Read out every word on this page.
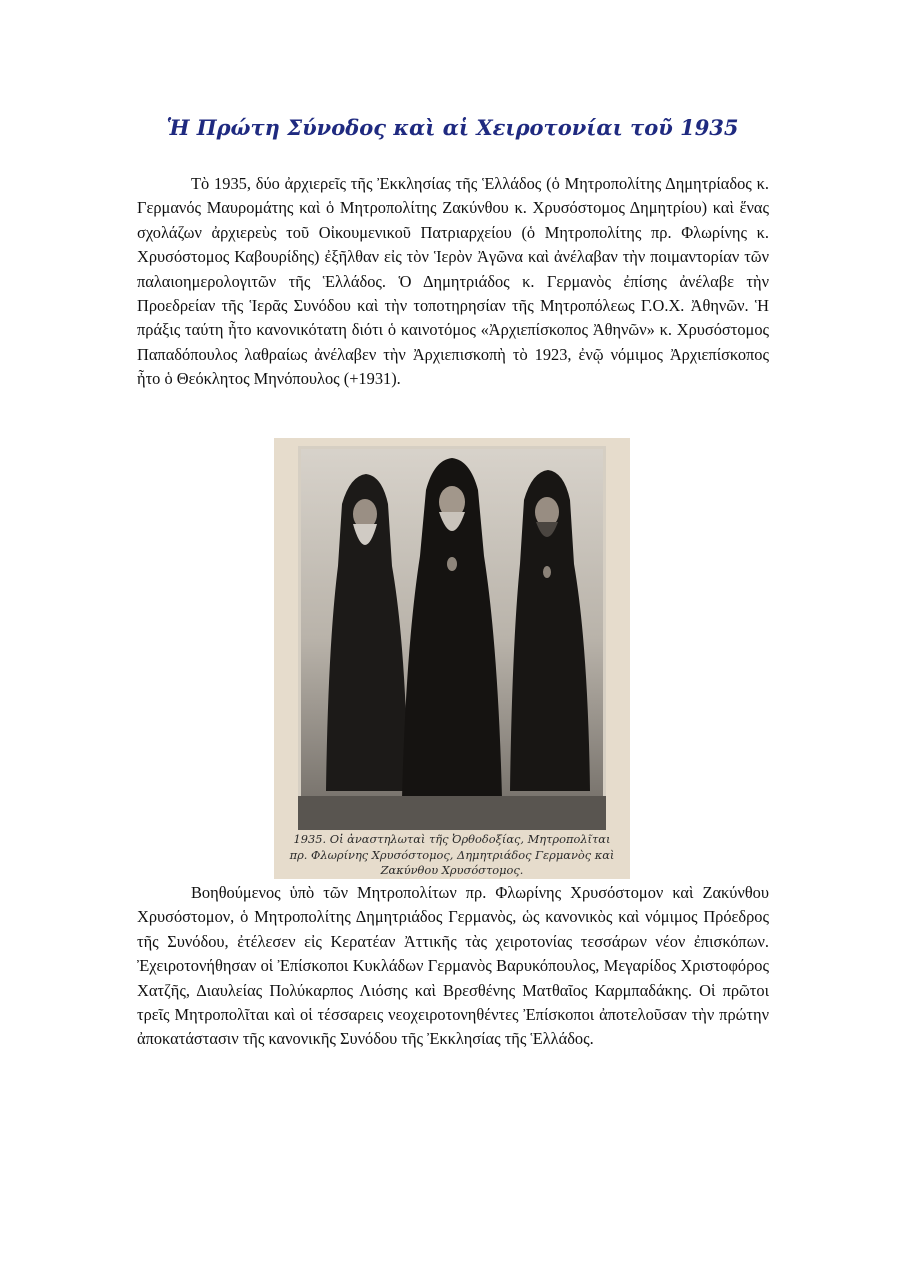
Ἡ Πρώτη Σύνοδος καὶ αἱ Χειροτονίαι τοῦ 1935

Τὸ 1935, δύο ἀρχιερεῖς τῆς Ἐκκλησίας τῆς Ἑλλάδος (ὁ Μητροπολίτης Δημητρίαδος κ. Γερμανός Μαυρομάτης καὶ ὁ Μητροπολίτης Ζακύνθου κ. Χρυσόστομος Δημητρίου) καὶ ἕνας σχολάζων ἀρχιερεὺς τοῦ Οἰκουμενικοῦ Πατριαρχείου (ὁ Μητροπολίτης πρ. Φλωρίνης κ. Χρυσόστομος Καβουρίδης) ἐξῆλθαν εἰς τὸν Ἱερὸν Ἀγῶνα καὶ ἀνέλαβαν τὴν ποιμαντορίαν τῶν παλαιοημερολογιτῶν τῆς Ἑλλάδος. Ὁ Δημητριάδος κ. Γερμανὸς ἐπίσης ἀνέλαβε τὴν Προεδρείαν τῆς Ἱερᾶς Συνόδου καὶ τὴν τοποτηρησίαν τῆς Μητροπόλεως Γ.Ο.Χ. Ἀθηνῶν. Ἡ πράξις ταύτη ἦτο κανονικότατη διότι ὁ καινοτόμος «Ἀρχιεπίσκοπος Ἀθηνῶν» κ. Χρυσόστομος Παπαδόπουλος λαθραίως ἀνέλαβεν τὴν Ἀρχιεπισκοπὴ τὸ 1923, ἐνῷ νόμιμος Ἀρχιεπίσκοπος ἦτο ὁ Θεόκλητος Μηνόπουλος (+1931).

1935. Οἱ ἀναστηλωταὶ τῆς Ὀρθοδοξίας, Μητροπολῖται
πρ. Φλωρίνης Χρυσόστομος, Δημητριάδος Γερμανὸς καὶ
Ζακύνθου Χρυσόστομος.

Βοηθούμενος ὑπὸ τῶν Μητροπολίτων πρ. Φλωρίνης Χρυσόστομον καὶ Ζακύνθου Χρυσόστομον, ὁ Μητροπολίτης Δημητριάδος Γερμανὸς, ὡς κανονικὸς καὶ νόμιμος Πρόεδρος τῆς Συνόδου, ἐτέλεσεν εἰς Κερατέαν Ἀττικῆς τὰς χειροτονίας τεσσάρων νέον ἐπισκόπων. Ἐχειροτονήθησαν οἱ Ἐπίσκοποι Κυκλάδων Γερμανὸς Βαρυκόπουλος, Μεγαρίδος Χριστοφόρος Χατζῆς, Διαυλείας Πολύκαρπος Λιόσης καὶ Βρεσθένης Ματθαῖος Καρμπαδάκης. Οἱ πρῶτοι τρεῖς Μητροπολῖται καὶ οἱ τέσσαρεις νεοχειροτονηθέντες Ἐπίσκοποι ἀποτελοῦσαν τὴν πρώτην ἀποκατάστασιν τῆς κανονικῆς Συνόδου τῆς Ἐκκλησίας τῆς Ἑλλάδος.
